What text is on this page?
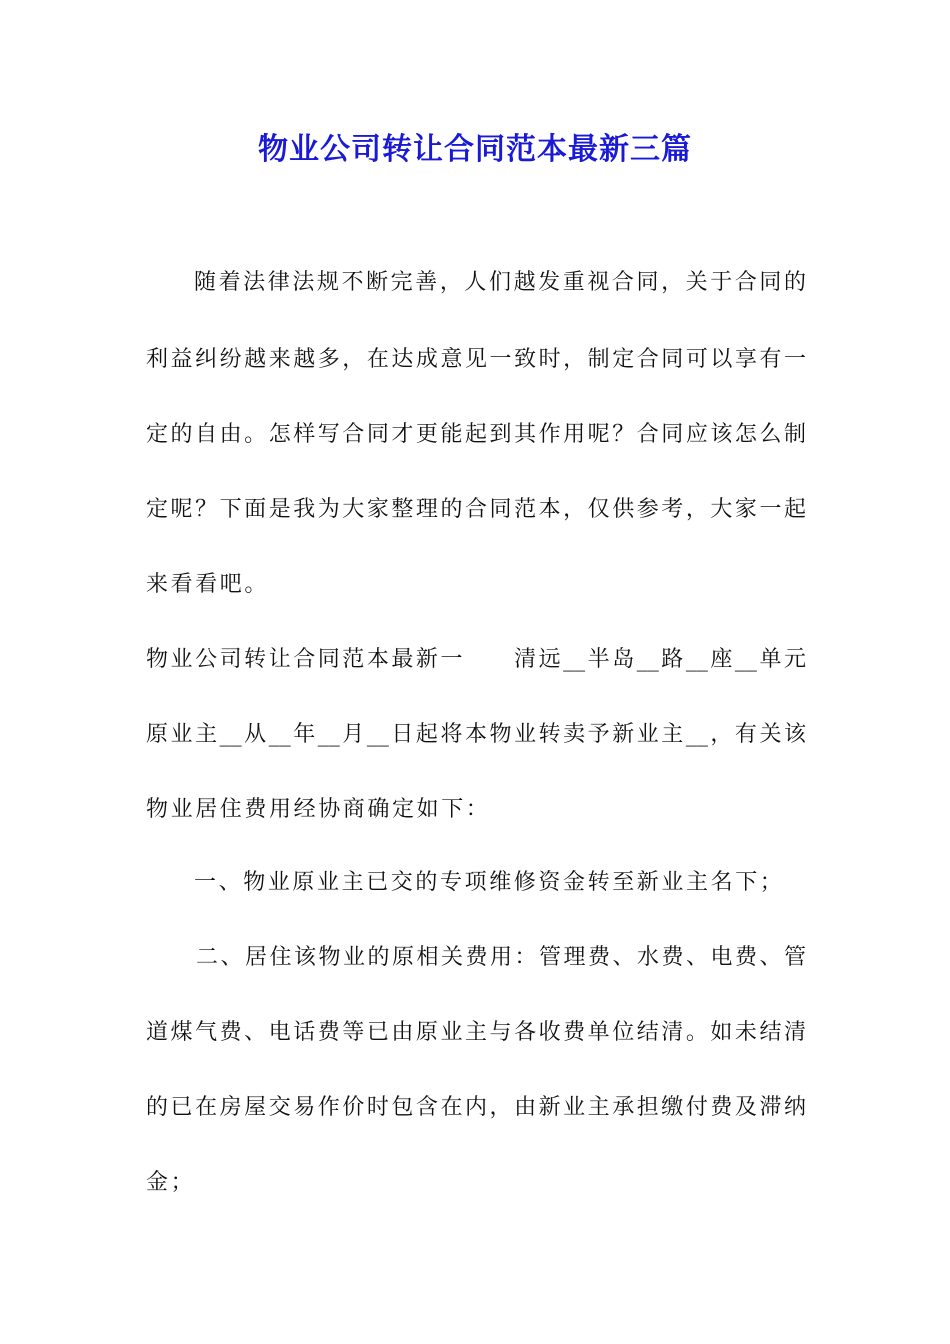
物业公司转让合同范本最新三篇

随着法律法规不断完善，人们越发重视合同，关于合同的

利益纠纷越来越多，在达成意见一致时，制定合同可以享有一

定的自由。怎样写合同才更能起到其作用呢？合同应该怎么制

定呢？下面是我为大家整理的合同范本，仅供参考，大家一起

来看看吧。

物业公司转让合同范本最新一　　清远__半岛__路__座__单元

原业主__从__年__月__日起将本物业转卖予新业主__，有关该

物业居住费用经协商确定如下：

一、物业原业主已交的专项维修资金转至新业主名下；

二、居住该物业的原相关费用：管理费、水费、电费、管

道煤气费、电话费等已由原业主与各收费单位结清。如未结清

的已在房屋交易作价时包含在内，由新业主承担缴付费及滞纳

金；
